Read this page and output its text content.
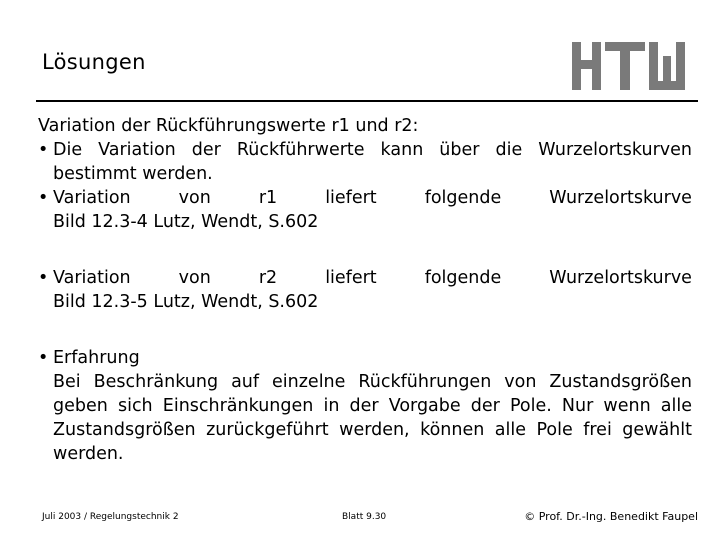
Lösungen
Variation der Rückführungswerte r1 und r2:
• Die Variation der Rückführwerte kann über die Wurzelortskurven bestimmt werden.
• Variation	von	r1	liefert	folgende	Wurzelortskurve
Bild 12.3-4 Lutz, Wendt, S.602
• Variation	von	r2	liefert	folgende	Wurzelortskurve
Bild 12.3-5 Lutz, Wendt, S.602
• Erfahrung
Bei Beschränkung auf einzelne Rückführungen von Zustandsgrößen geben sich Einschränkungen in der Vorgabe der Pole. Nur wenn alle Zustandsgrößen zurückgeführt werden, können alle Pole frei gewählt werden.
Juli 2003 / Regelungstechnik 2	Blatt 9.30	© Prof. Dr.-Ing. Benedikt Faupel
